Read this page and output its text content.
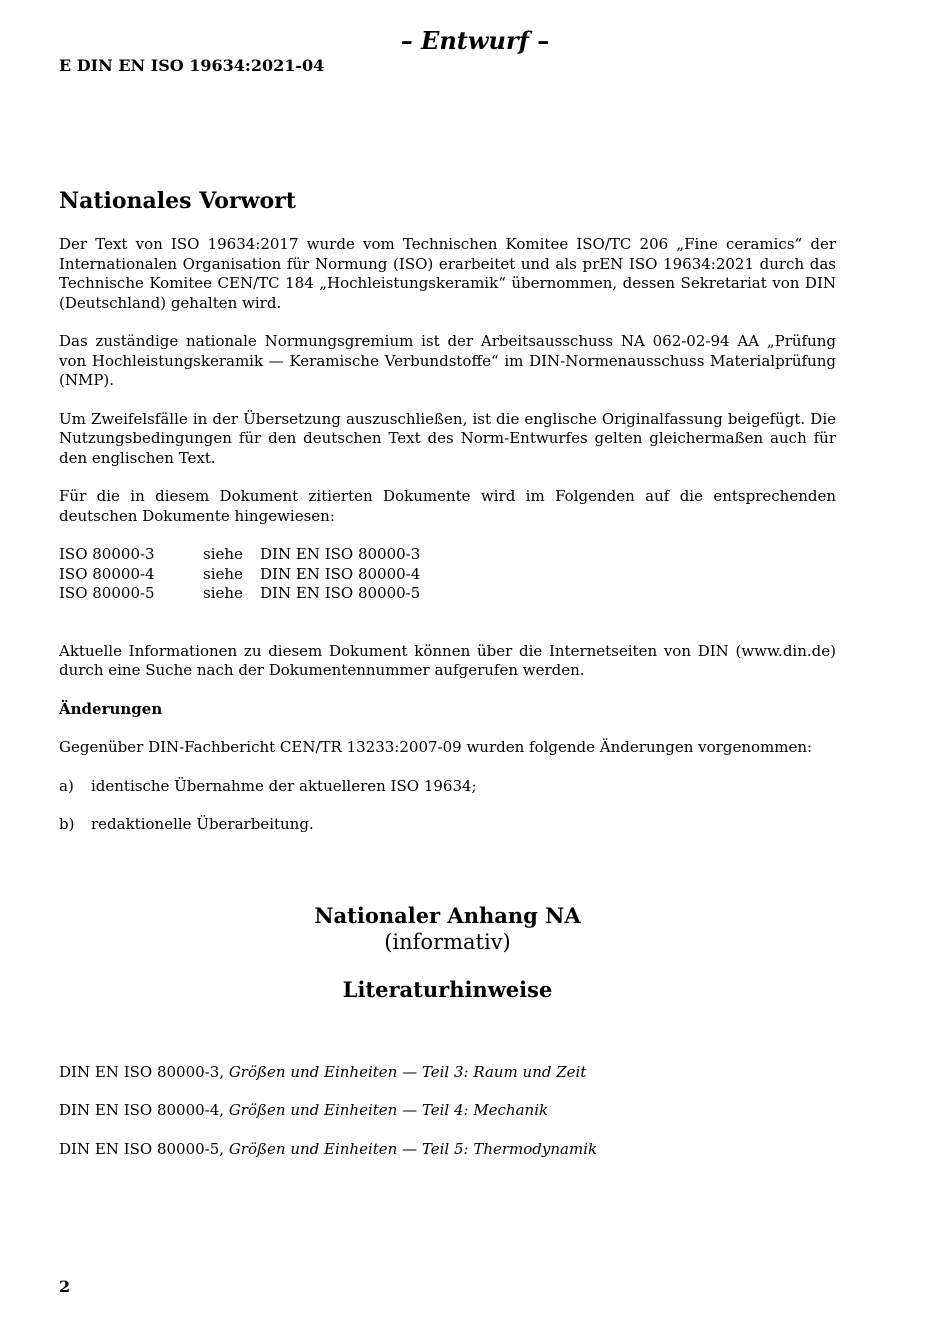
– Entwurf –
E DIN EN ISO 19634:2021-04
Nationales Vorwort

Der Text von ISO 19634:2017 wurde vom Technischen Komitee ISO/TC 206 „Fine ceramics“ der Internationalen Organisation für Normung (ISO) erarbeitet und als prEN ISO 19634:2021 durch das Technische Komitee CEN/TC 184 „Hochleistungskeramik“ übernommen, dessen Sekretariat von DIN (Deutschland) gehalten wird.

Das zuständige nationale Normungsgremium ist der Arbeitsausschuss NA 062-02-94 AA „Prüfung von Hochleistungskeramik — Keramische Verbundstoffe“ im DIN-Normenausschuss Materialprüfung (NMP).

Um Zweifelsfälle in der Übersetzung auszuschließen, ist die englische Originalfassung beigefügt. Die Nutzungsbedingungen für den deutschen Text des Norm-Entwurfes gelten gleichermaßen auch für den englischen Text.

Für die in diesem Dokument zitierten Dokumente wird im Folgenden auf die entsprechenden deutschen Dokumente hingewiesen:

ISO 80000-3	siehe	DIN EN ISO 80000-3
ISO 80000-4	siehe	DIN EN ISO 80000-4
ISO 80000-5	siehe	DIN EN ISO 80000-5

Aktuelle Informationen zu diesem Dokument können über die Internetseiten von DIN (www.din.de) durch eine Suche nach der Dokumentennummer aufgerufen werden.

Änderungen

Gegenüber DIN-Fachbericht CEN/TR 13233:2007-09 wurden folgende Änderungen vorgenommen:

a)	identische Übernahme der aktuelleren ISO 19634;
b)	redaktionelle Überarbeitung.
Nationaler Anhang NA
(informativ)
Literaturhinweise

DIN EN ISO 80000-3, Größen und Einheiten — Teil 3: Raum und Zeit

DIN EN ISO 80000-4, Größen und Einheiten — Teil 4: Mechanik

DIN EN ISO 80000-5, Größen und Einheiten — Teil 5: Thermodynamik

2
